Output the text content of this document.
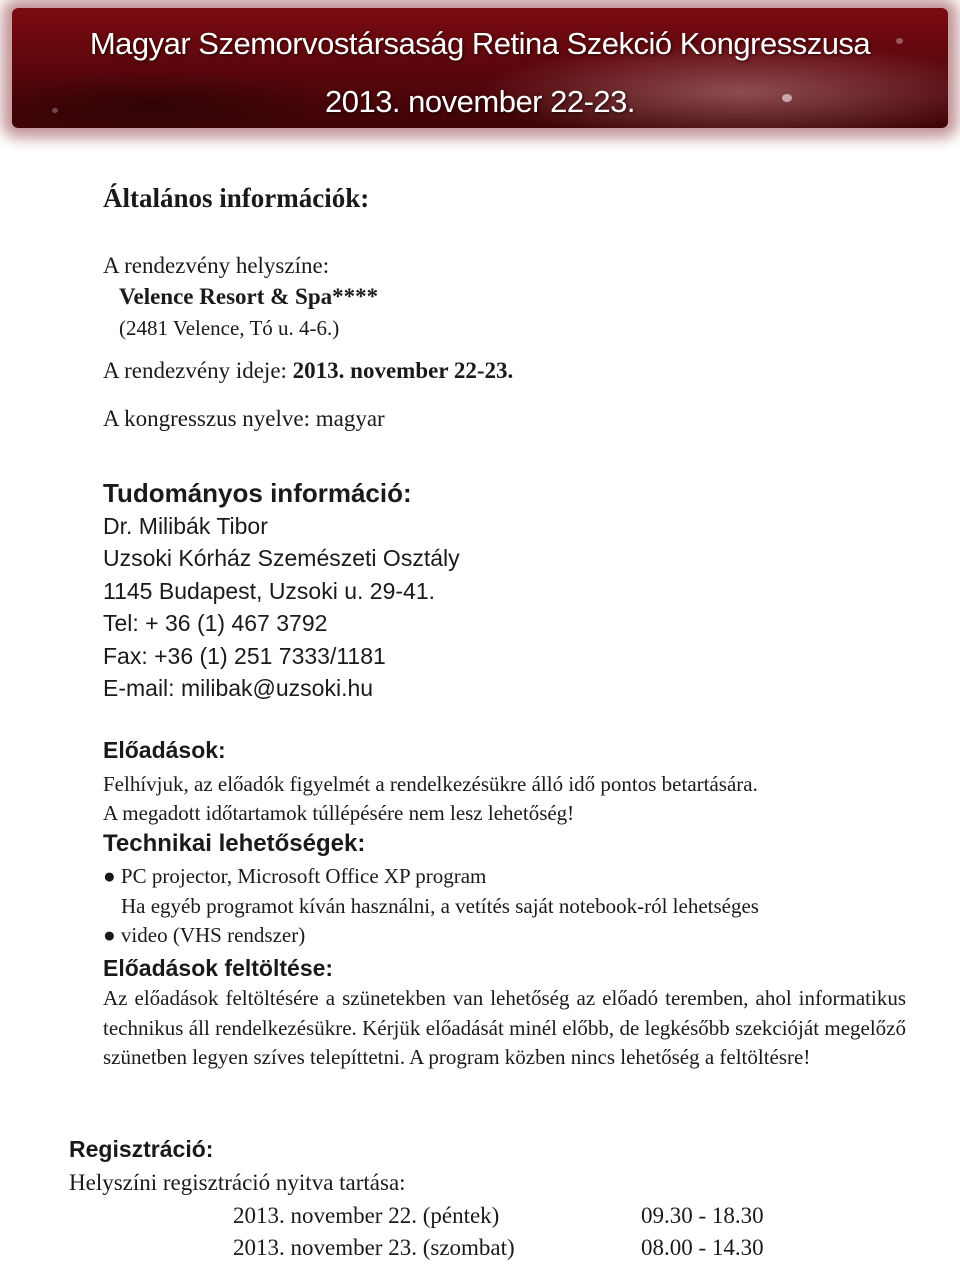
Magyar Szemorvostársaság Retina Szekció Kongresszusa
2013. november 22-23.
Általános információk:
A rendezvény helyszíne:
Velence Resort & Spa****
(2481 Velence, Tó u. 4-6.)
A rendezvény ideje: 2013. november 22-23.
A kongresszus nyelve: magyar
Tudományos információ:
Dr. Milibák Tibor
Uzsoki Kórház Szemészeti Osztály
1145 Budapest, Uzsoki u. 29-41.
Tel: + 36 (1) 467 3792
Fax: +36 (1) 251 7333/1181
E-mail: milibak@uzsoki.hu
Előadások:
Felhívjuk, az előadók figyelmét a rendelkezésükre álló idő pontos betartására.
A megadott időtartamok túllépésére nem lesz lehetőség!
Technikai lehetőségek:
● PC projector, Microsoft Office XP program
Ha egyéb programot kíván használni, a vetítés saját notebook-ról lehetséges
● video (VHS rendszer)
Előadások feltöltése:
Az előadások feltöltésére a szünetekben van lehetőség az előadó teremben, ahol informatikus technikus áll rendelkezésükre. Kérjük előadását minél előbb, de legkésőbb szekcióját megelőző szünetben legyen szíves telepíttetni. A program közben nincs lehetőség a feltöltésre!
Regisztráció:
Helyszíni regisztráció nyitva tartása:
2013. november 22. (péntek)	09.30 - 18.30
2013. november 23. (szombat)	08.00 - 14.30
